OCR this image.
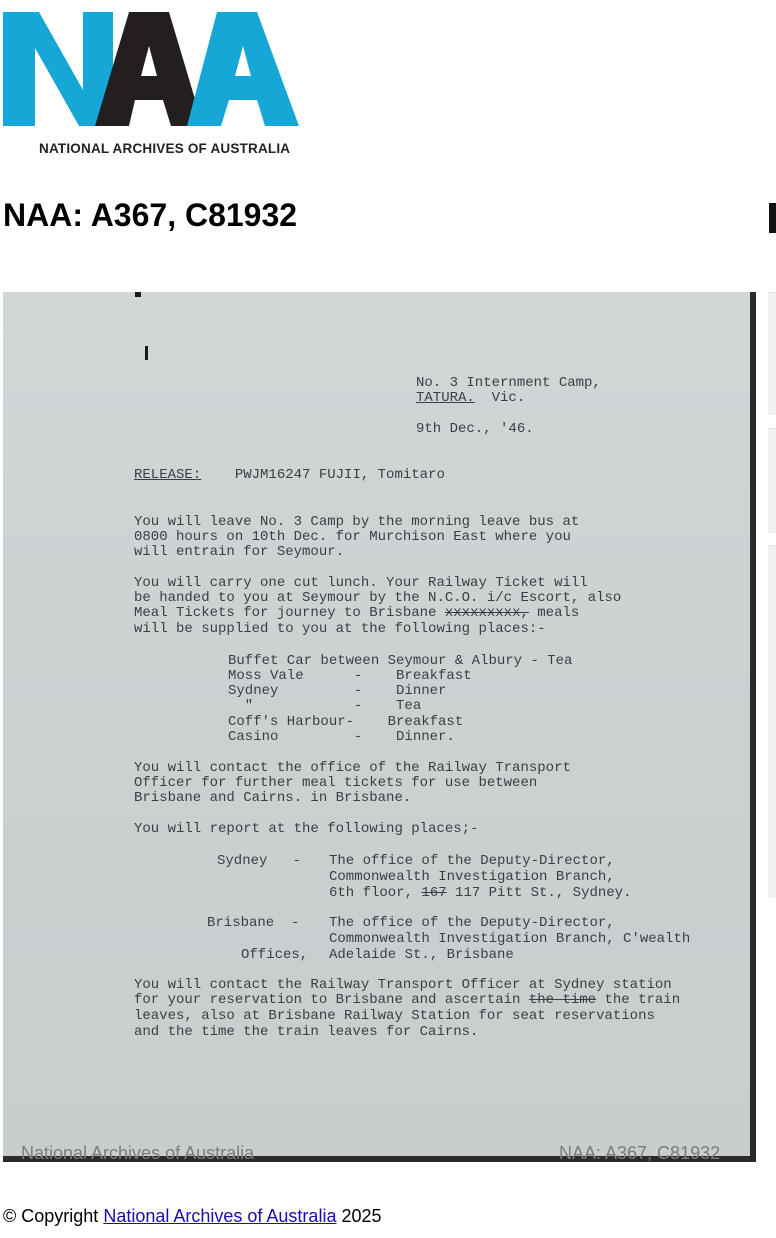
NATIONAL ARCHIVES OF AUSTRALIA
NAA: A367, C81932
No. 3 Internment Camp,
TATURA. Vic.
9th Dec., '46.
RELEASE: PWJM16247 FUJII, Tomitaro
You will leave No. 3 Camp by the morning leave bus at
0800 hours on 10th Dec. for Murchison East where you
will entrain for Seymour.
You will carry one cut lunch. Your Railway Ticket will
be handed to you at Seymour by the N.C.O. i/c Escort, also
Meal Tickets for journey to Brisbane xxxxxxxxx, meals
will be supplied to you at the following places:-
Buffet Car between Seymour & Albury - Tea
Moss Vale      -    Breakfast
Sydney         -    Dinner
"            -    Tea
Coff's Harbour-    Breakfast
Casino         -    Dinner.
You will contact the office of the Railway Transport
Officer for further meal tickets for use between
Brisbane and Cairns. in Brisbane.
You will report at the following places;-
Sydney   - The office of the Deputy-Director,
Commonwealth Investigation Branch,
6th floor, 167 117 Pitt St., Sydney.
Brisbane  - The office of the Deputy-Director,
Commonwealth Investigation Branch, C'wealth
Offices, Adelaide St., Brisbane
You will contact the Railway Transport Officer at Sydney station
for your reservation to Brisbane and ascertain the time the train
leaves, also at Brisbane Railway Station for seat reservations
and the time the train leaves for Cairns.
National Archives of Australia	NAA: A367, C81932
© Copyright National Archives of Australia 2025
